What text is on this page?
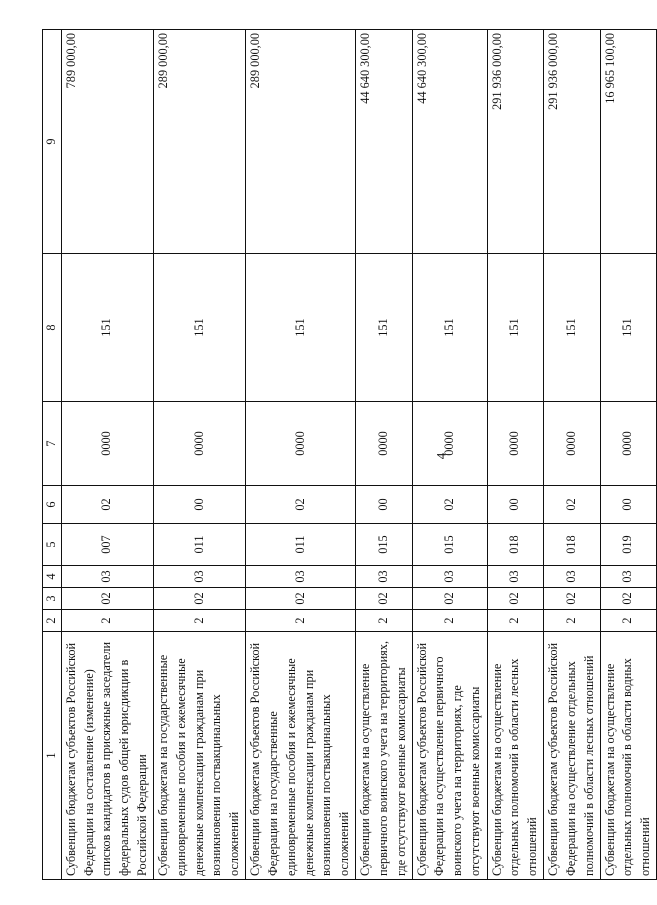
4
1	2	3	4	5	6	7	8	9
Субвенции бюджетам субъектов Российской Федерации на составление (изменение) списков кандидатов в присяжные заседатели федеральных судов общей юрисдикции в Российской Федерации	2	02	03	007	02	0000	151	789 000,00
Субвенции бюджетам на государственные единовременные пособия и ежемесячные денежные компенсации гражданам при возникновении поствакцинальных осложнений	2	02	03	011	00	0000	151	289 000,00
Субвенции бюджетам субъектов Российской Федерации на государственные единовременные пособия и ежемесячные денежные компенсации гражданам при возникновении поствакцинальных осложнений	2	02	03	011	02	0000	151	289 000,00
Субвенции бюджетам на осуществление первичного воинского учета на территориях, где отсутствуют военные комиссариаты	2	02	03	015	00	0000	151	44 640 300,00
Субвенции бюджетам субъектов Российской Федерации на осуществление первичного воинского учета на территориях, где отсутствуют военные комиссариаты	2	02	03	015	02	0000	151	44 640 300,00
Субвенции бюджетам на осуществление отдельных полномочий в области лесных отношений	2	02	03	018	00	0000	151	291 936 000,00
Субвенции бюджетам субъектов Российской Федерации на осуществление отдельных полномочий в области лесных отношений	2	02	03	018	02	0000	151	291 936 000,00
Субвенции бюджетам на осуществление отдельных полномочий в области водных отношений	2	02	03	019	00	0000	151	16 965 100,00
